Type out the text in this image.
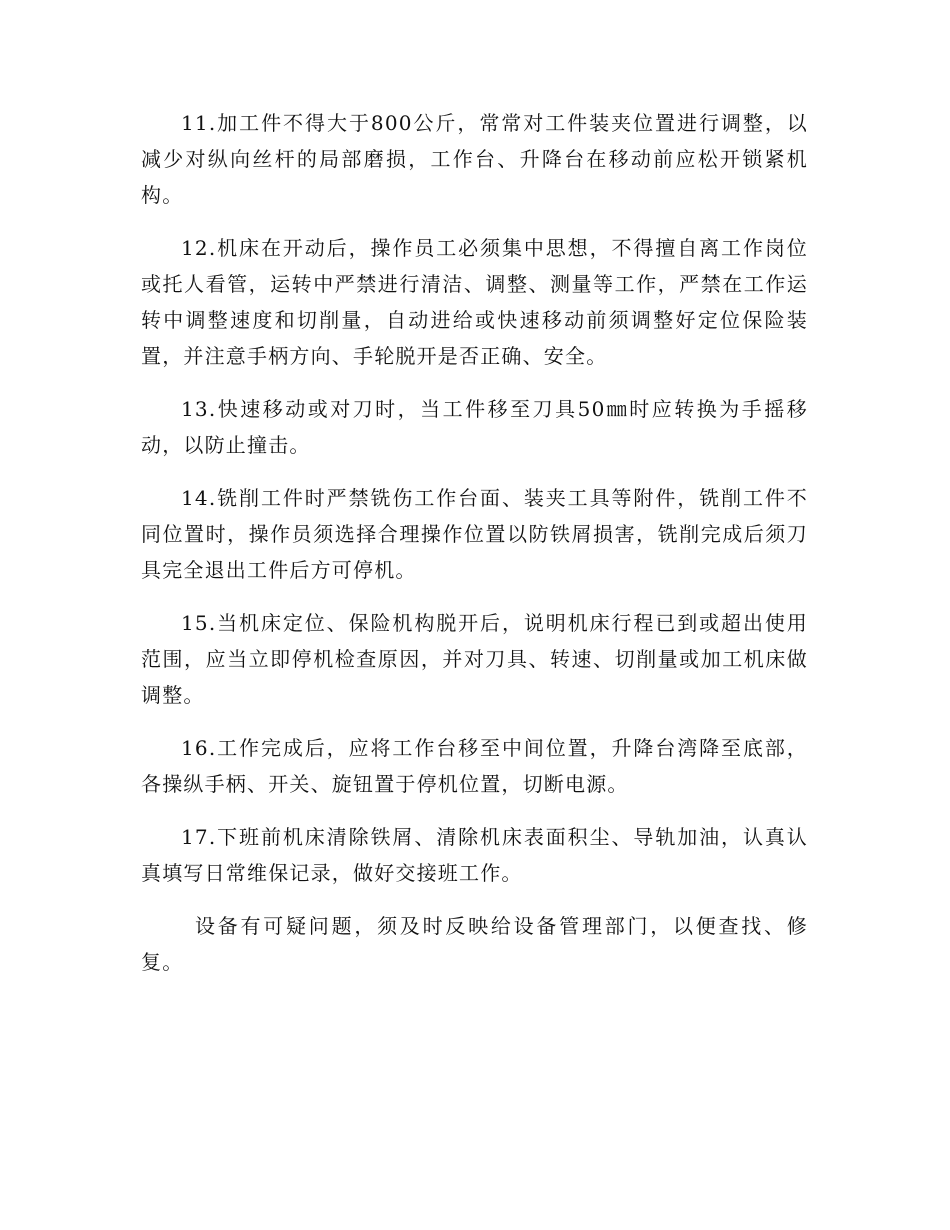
11.加工件不得大于800公斤，常常对工件装夹位置进行调整，以减少对纵向丝杆的局部磨损，工作台、升降台在移动前应松开锁紧机构。

12.机床在开动后，操作员工必须集中思想，不得擅自离工作岗位或托人看管，运转中严禁进行清洁、调整、测量等工作，严禁在工作运转中调整速度和切削量，自动进给或快速移动前须调整好定位保险装置，并注意手柄方向、手轮脱开是否正确、安全。

13.快速移动或对刀时，当工件移至刀具50㎜时应转换为手摇移动，以防止撞击。

14.铣削工件时严禁铣伤工作台面、装夹工具等附件，铣削工件不同位置时，操作员须选择合理操作位置以防铁屑损害，铣削完成后须刀具完全退出工件后方可停机。

15.当机床定位、保险机构脱开后，说明机床行程已到或超出使用范围，应当立即停机检查原因，并对刀具、转速、切削量或加工机床做调整。

16.工作完成后，应将工作台移至中间位置，升降台湾降至底部，各操纵手柄、开关、旋钮置于停机位置，切断电源。

17.下班前机床清除铁屑、清除机床表面积尘、导轨加油，认真认真填写日常维保记录，做好交接班工作。

设备有可疑问题，须及时反映给设备管理部门，以便查找、修复。
